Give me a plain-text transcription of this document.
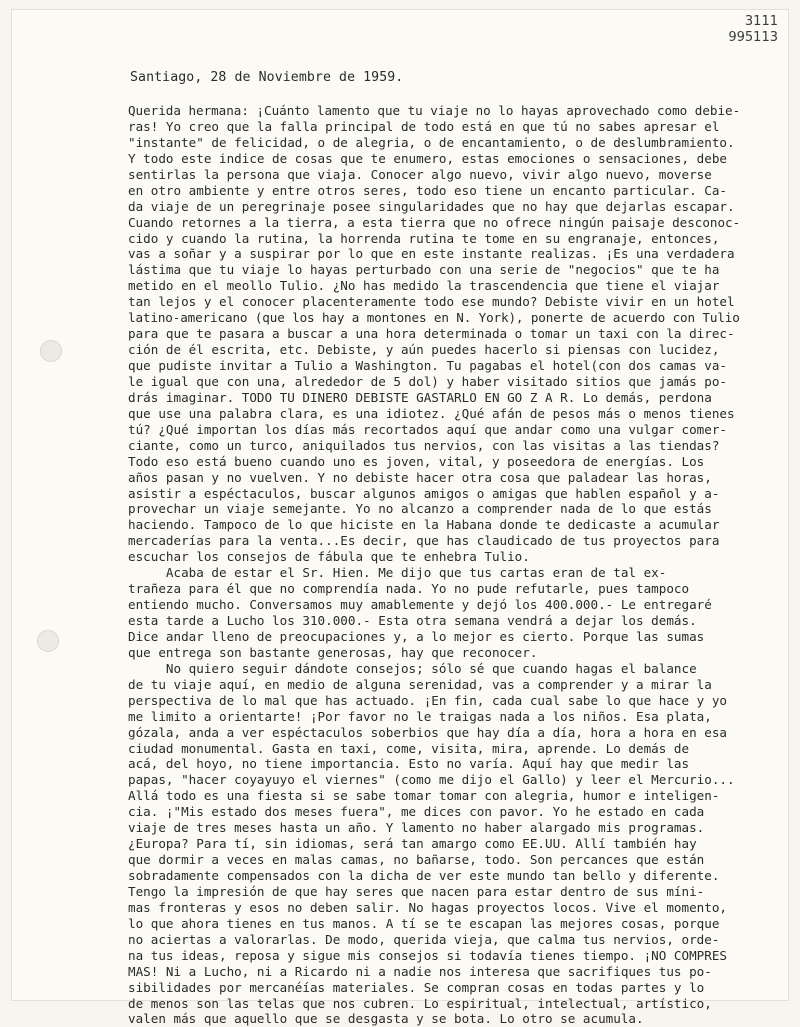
3111
995113
Santiago, 28 de Noviembre de 1959.
Querida hermana: ¡Cuánto lamento que tu viaje no lo hayas aprovechado como debie-
ras! Yo creo que la falla principal de todo está en que tú no sabes apresar el
"instante" de felicidad, o de alegria, o de encantamiento, o de deslumbramiento.
Y todo este indice de cosas que te enumero, estas emociones o sensaciones, debe
sentirlas la persona que viaja. Conocer algo nuevo, vivir algo nuevo, moverse
en otro ambiente y entre otros seres, todo eso tiene un encanto particular. Ca-
da viaje de un peregrinaje posee singularidades que no hay que dejarlas escapar.
Cuando retornes a la tierra, a esta tierra que no ofrece ningún paisaje desconoc-
cido y cuando la rutina, la horrenda rutina te tome en su engranaje, entonces,
vas a soñar y a suspirar por lo que en este instante realizas. ¡Es una verdadera
lástima que tu viaje lo hayas perturbado con una serie de "negocios" que te ha
metido en el meollo Tulio. ¿No has medido la trascendencia que tiene el viajar
tan lejos y el conocer placenteramente todo ese mundo? Debiste vivir en un hotel
latino-americano (que los hay a montones en N. York), ponerte de acuerdo con Tulio
para que te pasara a buscar a una hora determinada o tomar un taxi con la direc-
ción de él escrita, etc. Debiste, y aún puedes hacerlo si piensas con lucidez,
que pudiste invitar a Tulio a Washington. Tu pagabas el hotel(con dos camas va-
le igual que con una, alrededor de 5 dol) y haber visitado sitios que jamás po-
drás imaginar. TODO TU DINERO DEBISTE GASTARLO EN GO Z A R. Lo demás, perdona
que use una palabra clara, es una idiotez. ¿Qué afán de pesos más o menos tienes
tú? ¿Qué importan los días más recortados aquí que andar como una vulgar comer-
ciante, como un turco, aniquilados tus nervios, con las visitas a las tiendas?
Todo eso está bueno cuando uno es joven, vital, y poseedora de energías. Los
años pasan y no vuelven. Y no debiste hacer otra cosa que paladear las horas,
asistir a espéctaculos, buscar algunos amigos o amigas que hablen español y a-
provechar un viaje semejante. Yo no alcanzo a comprender nada de lo que estás
haciendo. Tampoco de lo que hiciste en la Habana donde te dedicaste a acumular
mercaderías para la venta...Es decir, que has claudicado de tus proyectos para
escuchar los consejos de fábula que te enhebra Tulio.
Acaba de estar el Sr. Hien. Me dijo que tus cartas eran de tal ex-
trañeza para él que no comprendía nada. Yo no pude refutarle, pues tampoco
entiendo mucho. Conversamos muy amablemente y dejó los 400.000.- Le entregaré
esta tarde a Lucho los 310.000.- Esta otra semana vendrá a dejar los demás.
Dice andar lleno de preocupaciones y, a lo mejor es cierto. Porque las sumas
que entrega son bastante generosas, hay que reconocer.
No quiero seguir dándote consejos; sólo sé que cuando hagas el balance
de tu viaje aquí, en medio de alguna serenidad, vas a comprender y a mirar la
perspectiva de lo mal que has actuado. ¡En fin, cada cual sabe lo que hace y yo
me limito a orientarte! ¡Por favor no le traigas nada a los niños. Esa plata,
gózala, anda a ver espéctaculos soberbios que hay día a día, hora a hora en esa
ciudad monumental. Gasta en taxi, come, visita, mira, aprende. Lo demás de
acá, del hoyo, no tiene importancia. Esto no varía. Aquí hay que medir las
papas, "hacer coyayuyo el viernes" (como me dijo el Gallo) y leer el Mercurio...
Allá todo es una fiesta si se sabe tomar tomar con alegria, humor e inteligen-
cia. ¡"Mis estado dos meses fuera", me dices con pavor. Yo he estado en cada
viaje de tres meses hasta un año. Y lamento no haber alargado mis programas.
¿Europa? Para tí, sin idiomas, será tan amargo como EE.UU. Allí también hay
que dormir a veces en malas camas, no bañarse, todo. Son percances que están
sobradamente compensados con la dicha de ver este mundo tan bello y diferente.
Tengo la impresión de que hay seres que nacen para estar dentro de sus míni-
mas fronteras y esos no deben salir. No hagas proyectos locos. Vive el momento,
lo que ahora tienes en tus manos. A tí se te escapan las mejores cosas, porque
no aciertas a valorarlas. De modo, querida vieja, que calma tus nervios, orde-
na tus ideas, reposa y sigue mis consejos si todavía tienes tiempo. ¡NO COMPRES
MAS! Ni a Lucho, ni a Ricardo ni a nadie nos interesa que sacrifiques tus po-
sibilidades por mercanéías materiales. Se compran cosas en todas partes y lo
de menos son las telas que nos cubren. Lo espiritual, intelectual, artístico,
valen más que aquello que se desgasta y se bota. Lo otro se acumula.
